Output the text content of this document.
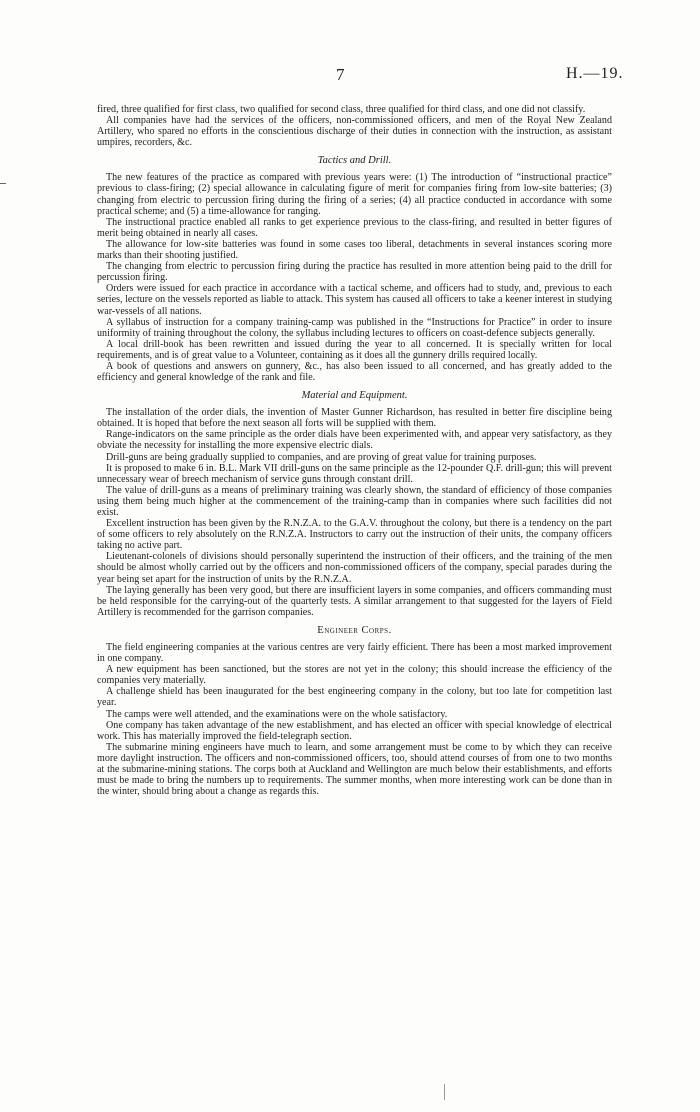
7	H.—19.

fired, three qualified for first class, two qualified for second class, three qualified for third class, and one did not classify.

All companies have had the services of the officers, non-commissioned officers, and men of the Royal New Zealand Artillery, who spared no efforts in the conscientious discharge of their duties in connection with the instruction, as assistant umpires, recorders, &c.

Tactics and Drill.

The new features of the practice as compared with previous years were: (1) The introduction of “instructional practice” previous to class-firing; (2) special allowance in calculating figure of merit for companies firing from low-site batteries; (3) changing from electric to percussion firing during the firing of a series; (4) all practice conducted in accordance with some practical scheme; and (5) a time-allowance for ranging.

The instructional practice enabled all ranks to get experience previous to the class-firing, and resulted in better figures of merit being obtained in nearly all cases.

The allowance for low-site batteries was found in some cases too liberal, detachments in several instances scoring more marks than their shooting justified.

The changing from electric to percussion firing during the practice has resulted in more attention being paid to the drill for percussion firing.

Orders were issued for each practice in accordance with a tactical scheme, and officers had to study, and, previous to each series, lecture on the vessels reported as liable to attack. This system has caused all officers to take a keener interest in studying war-vessels of all nations.

A syllabus of instruction for a company training-camp was published in the “Instructions for Practice” in order to insure uniformity of training throughout the colony, the syllabus including lectures to officers on coast-defence subjects generally.

A local drill-book has been rewritten and issued during the year to all concerned. It is specially written for local requirements, and is of great value to a Volunteer, containing as it does all the gunnery drills required locally.

A book of questions and answers on gunnery, &c., has also been issued to all concerned, and has greatly added to the efficiency and general knowledge of the rank and file.

Material and Equipment.

The installation of the order dials, the invention of Master Gunner Richardson, has resulted in better fire discipline being obtained. It is hoped that before the next season all forts will be supplied with them.

Range-indicators on the same principle as the order dials have been experimented with, and appear very satisfactory, as they obviate the necessity for installing the more expensive electric dials.

Drill-guns are being gradually supplied to companies, and are proving of great value for training purposes.

It is proposed to make 6 in. B.L. Mark VII drill-guns on the same principle as the 12-pounder Q.F. drill-gun; this will prevent unnecessary wear of breech mechanism of service guns through constant drill.

The value of drill-guns as a means of preliminary training was clearly shown, the standard of efficiency of those companies using them being much higher at the commencement of the training-camp than in companies where such facilities did not exist.

Excellent instruction has been given by the R.N.Z.A. to the G.A.V. throughout the colony, but there is a tendency on the part of some officers to rely absolutely on the R.N.Z.A. Instructors to carry out the instruction of their units, the company officers taking no active part.

Lieutenant-colonels of divisions should personally superintend the instruction of their officers, and the training of the men should be almost wholly carried out by the officers and non-commissioned officers of the company, special parades during the year being set apart for the instruction of units by the R.N.Z.A.

The laying generally has been very good, but there are insufficient layers in some companies, and officers commanding must be held responsible for the carrying-out of the quarterly tests. A similar arrangement to that suggested for the layers of Field Artillery is recommended for the garrison companies.

Engineer Corps.

The field engineering companies at the various centres are very fairly efficient. There has been a most marked improvement in one company.

A new equipment has been sanctioned, but the stores are not yet in the colony; this should increase the efficiency of the companies very materially.

A challenge shield has been inaugurated for the best engineering company in the colony, but too late for competition last year.

The camps were well attended, and the examinations were on the whole satisfactory.

One company has taken advantage of the new establishment, and has elected an officer with special knowledge of electrical work. This has materially improved the field-telegraph section.

The submarine mining engineers have much to learn, and some arrangement must be come to by which they can receive more daylight instruction. The officers and non-commissioned officers, too, should attend courses of from one to two months at the submarine-mining stations. The corps both at Auckland and Wellington are much below their establishments, and efforts must be made to bring the numbers up to requirements. The summer months, when more interesting work can be done than in the winter, should bring about a change as regards this.
